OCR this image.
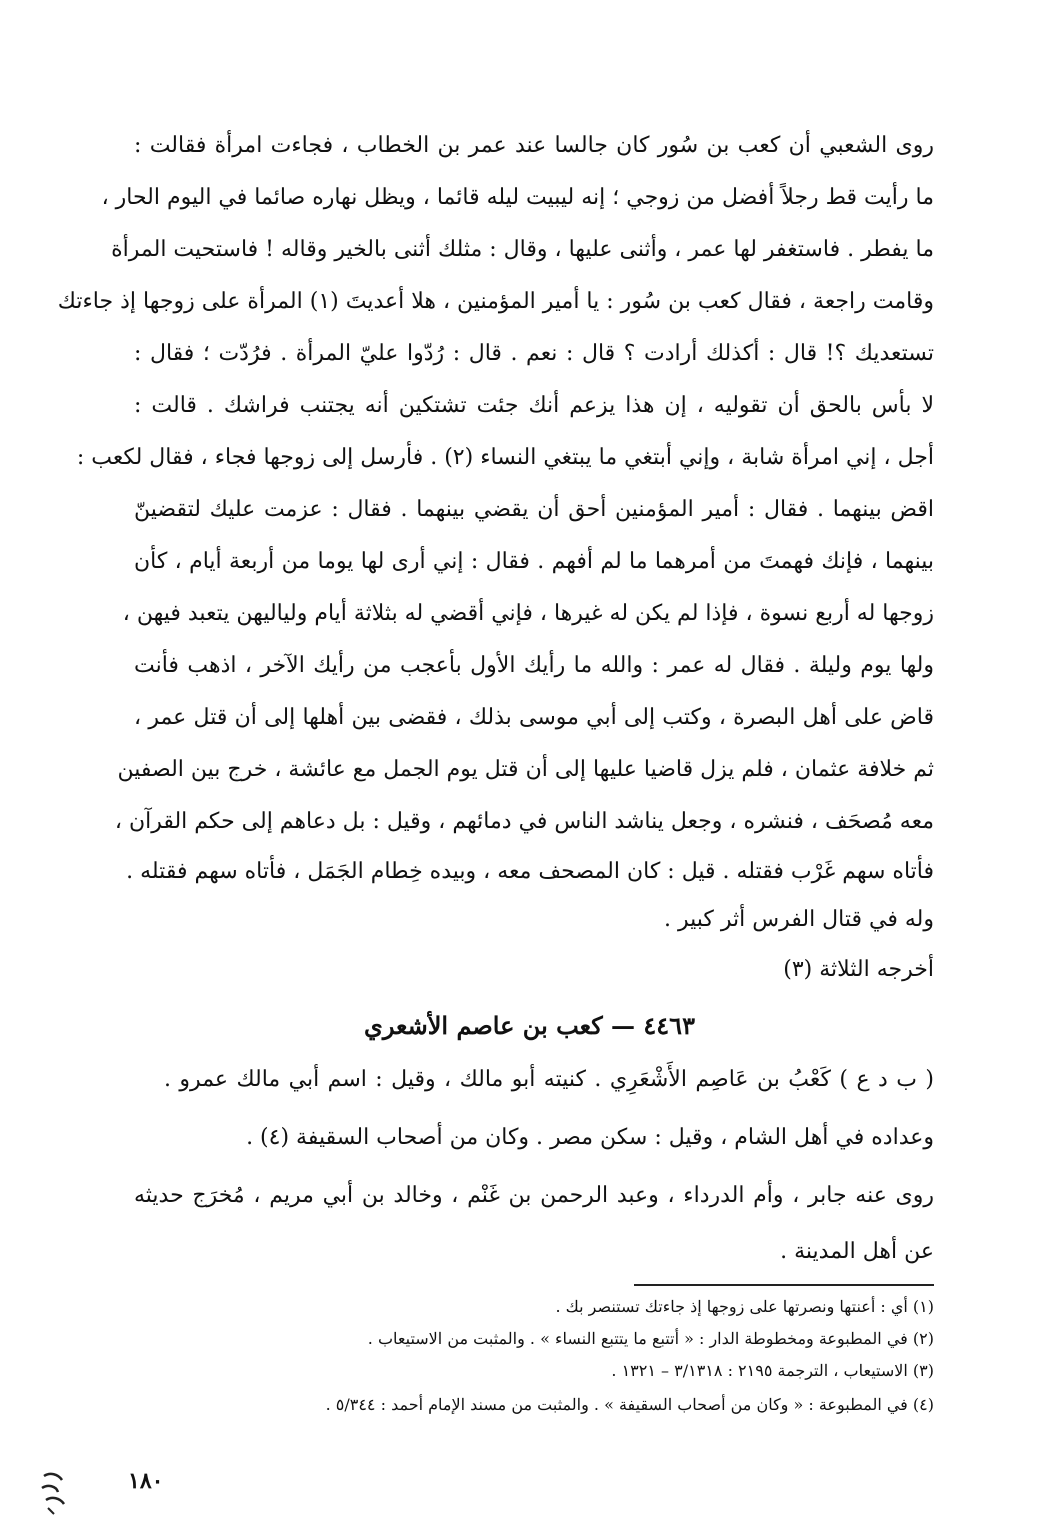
روى الشعبي أن كعب بن سُور كان جالسا عند عمر بن الخطاب ، فجاءت امرأة فقالت :
ما رأيت قط رجلاً أفضل من زوجي ؛ إنه ليبيت ليله قائما ، ويظل نهاره صائما في اليوم الحار ،
ما يفطر . فاستغفر لها عمر ، وأثنى عليها ، وقال : مثلك أثنى بالخير وقاله ! فاستحيت المرأة
وقامت راجعة ، فقال كعب بن سُور : يا أمير المؤمنين ، هلا أعديتَ (١) المرأة على زوجها إذ جاءتك
تستعديك ؟! قال : أكذلك أرادت ؟ قال : نعم . قال : رُدّوا عليّ المرأة . فرُدّت ؛ فقال :
لا بأس بالحق أن تقوليه ، إن هذا يزعم أنك جئت تشتكين أنه يجتنب فراشك . قالت :
أجل ، إني امرأة شابة ، وإني أبتغي ما يبتغي النساء (٢) . فأرسل إلى زوجها فجاء ، فقال لكعب :
اقض بينهما . فقال : أمير المؤمنين أحق أن يقضي بينهما . فقال : عزمت عليك لتقضينّ
بينهما ، فإنك فهمتَ من أمرهما ما لم أفهم . فقال : إني أرى لها يوما من أربعة أيام ، كأن
زوجها له أربع نسوة ، فإذا لم يكن له غيرها ، فإني أقضي له بثلاثة أيام ولياليهن يتعبد فيهن ،
ولها يوم وليلة . فقال له عمر : والله ما رأيك الأول بأعجب من رأيك الآخر ، اذهب فأنت
قاض على أهل البصرة ، وكتب إلى أبي موسى بذلك ، فقضى بين أهلها إلى أن قتل عمر ،
ثم خلافة عثمان ، فلم يزل قاضيا عليها إلى أن قتل يوم الجمل مع عائشة ، خرج بين الصفين
معه مُصحَف ، فنشره ، وجعل يناشد الناس في دمائهم ، وقيل : بل دعاهم إلى حكم القرآن ،
فأتاه سهم غَرْب فقتله . قيل : كان المصحف معه ، وبيده خِطام الجَمَل ، فأتاه سهم فقتله .
وله في قتال الفرس أثر كبير .
أخرجه الثلاثة (٣)
٤٤٦٣ — كعب بن عاصم الأشعري
( ب د ع ) كَعْبُ بن عَاصِم الأَشْعَرِي . كنيته أبو مالك ، وقيل : اسم أبي مالك عمرو .
وعداده في أهل الشام ، وقيل : سكن مصر . وكان من أصحاب السقيفة (٤) .
روى عنه جابر ، وأم الدرداء ، وعبد الرحمن بن غَنْم ، وخالد بن أبي مريم ، مُخرَج حديثه
عن أهل المدينة .
(١) أي : أعنتها ونصرتها على زوجها إذ جاءتك تستنصر بك .
(٢) في المطبوعة ومخطوطة الدار : « أتتبع ما يتتبع النساء » . والمثبت من الاستيعاب .
(٣) الاستيعاب ، الترجمة ٢١٩٥ : ٣/١٣١٨ – ١٣٢١ .
(٤) في المطبوعة : « وكان من أصحاب السقيفة » . والمثبت من مسند الإمام أحمد : ٥/٣٤٤ .
١٨٠
